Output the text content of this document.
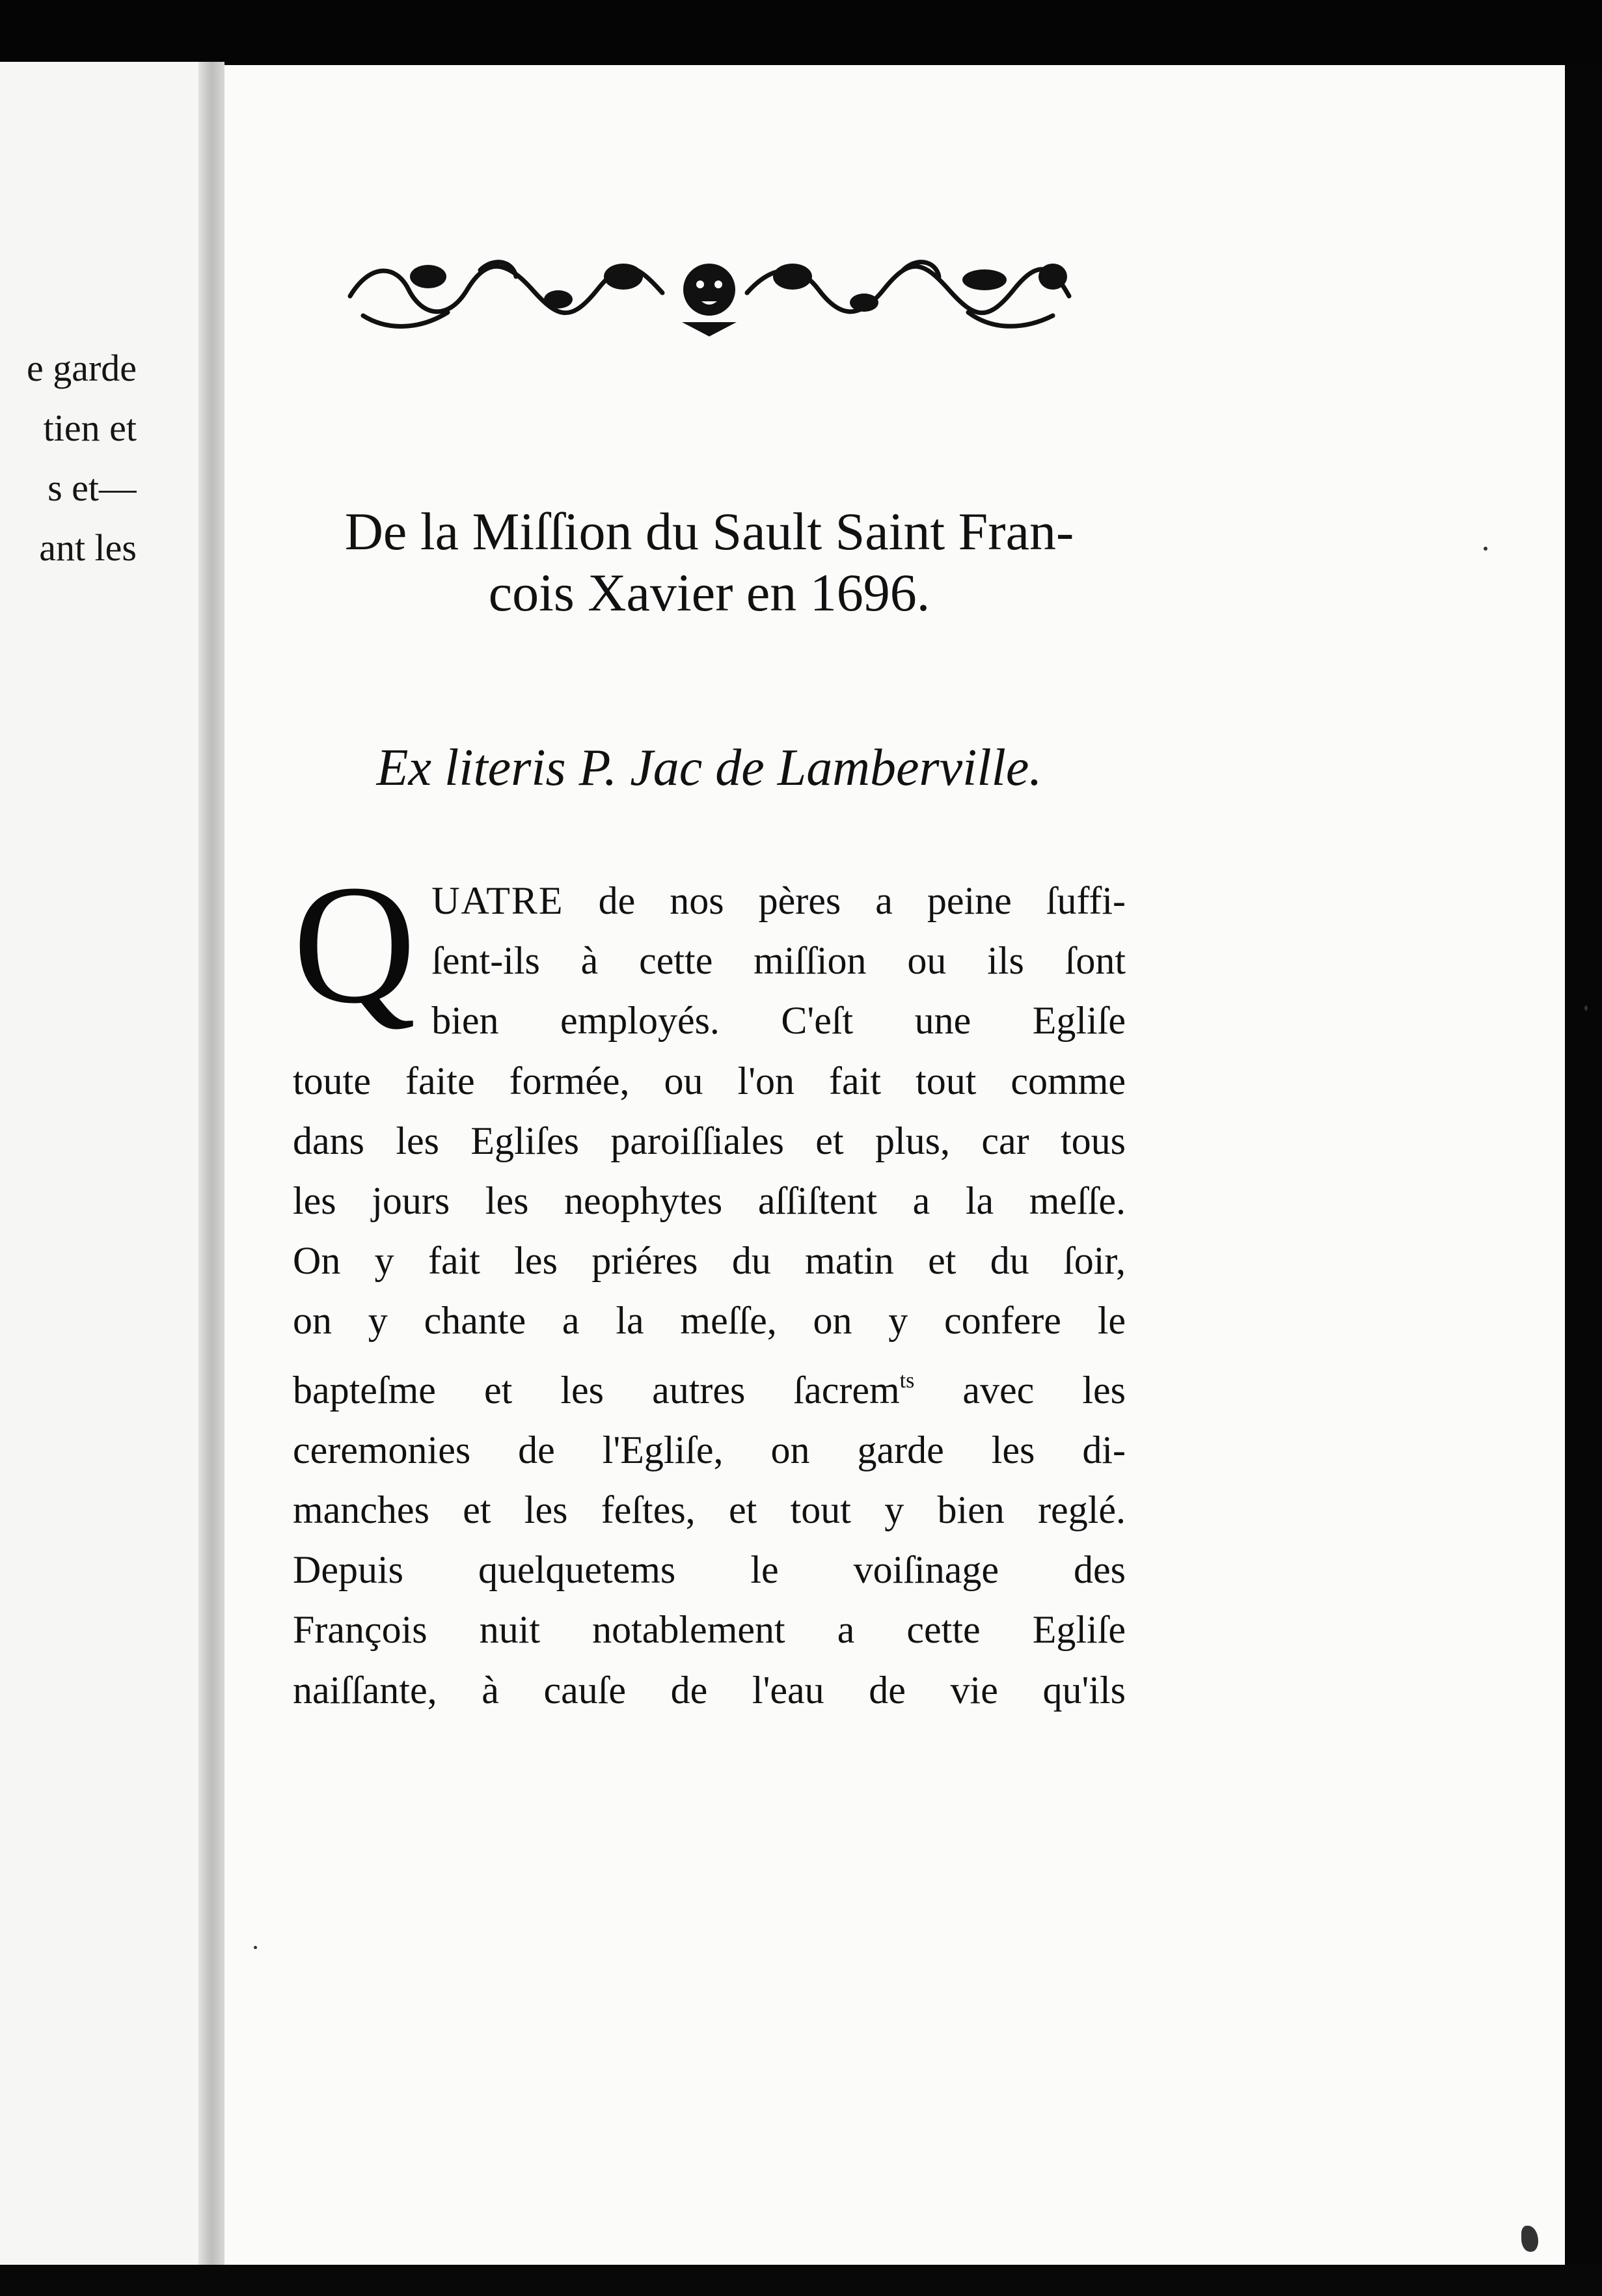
e garde
tien et
s et—
ant les	De la Miſſion du Sault Saint Fran-
cois Xavier en 1696.
Ex literis P. Jac de Lamberville.
Q UATRE de nos pères a peine ſuffi-
ſent-ils à cette miſſion ou ils ſont
bien employés. C'eſt une Egliſe
toute faite formée, ou l'on fait tout comme
dans les Egliſes paroiſſiales et plus, car tous
les jours les neophytes aſſiſtent a la meſſe.
On y fait les priéres du matin et du ſoir,
on y chante a la meſſe, on y confere le
bapteſme et les autres ſacrem$^{ts}$ avec les
ceremonies de l'Egliſe, on garde les di-
manches et les feſtes, et tout y bien reglé.
Depuis quelquetems le voiſinage des
François nuit notablement a cette Egliſe
naiſſante, à cauſe de l'eau de vie qu'ils
